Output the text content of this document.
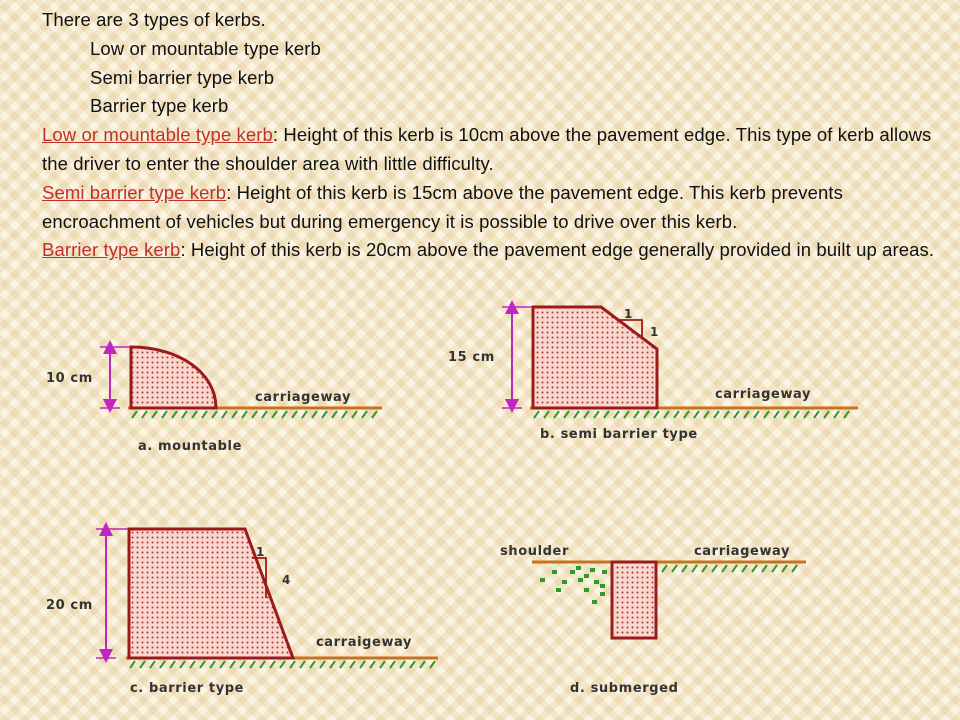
There are 3 types of kerbs.

Low or mountable type kerb

Semi barrier type kerb

Barrier type kerb

Low or mountable type kerb: Height of this kerb is 10cm above the pavement edge. This type of kerb allows the driver to enter the shoulder area with little difficulty.

Semi barrier type kerb: Height of this kerb is 15cm above the pavement edge. This kerb prevents encroachment of vehicles but during emergency it is possible to drive over this kerb.

Barrier type kerb: Height of this kerb is 20cm above the pavement edge generally provided in built up areas.

10 cm
carriageway
a. mountable
15 cm
1
1
carriageway
b. semi barrier type
20 cm
1
4
carraigeway
c. barrier type
shoulder	carriageway
d. submerged
